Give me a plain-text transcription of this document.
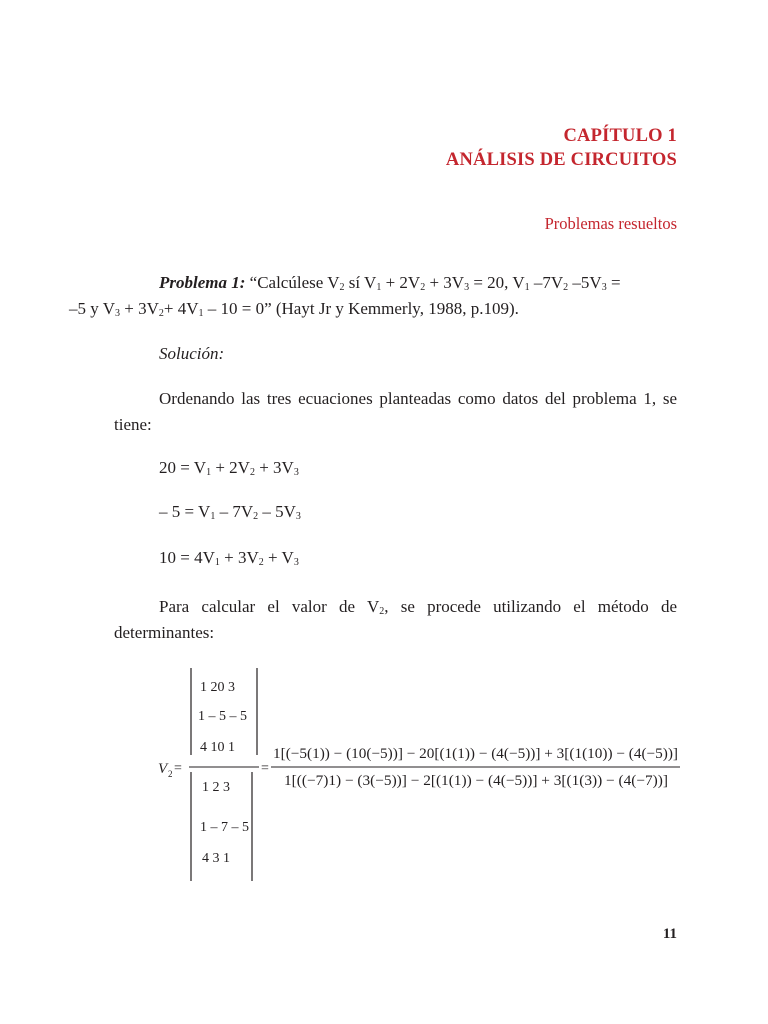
CAPÍTULO 1
ANÁLISIS DE CIRCUITOS
Problemas resueltos
Problema 1: “Calcúlese $V_2$ sí $V_1 + 2V_2 + 3V_3 = 20$, $V_1$ $-7V_2$ $-5V_3$ =
–5 y $V_3 + 3V_2+ 4V_1 - 10 = 0$” (Hayt Jr y Kemmerly, 1988, p.109).
Solución:
Ordenando las tres ecuaciones planteadas como datos del problema 1, se tiene:
$20 = V_1 + 2V_2 + 3V_3$
– $5 = V_1 - 7V_2 - 5V_3$
$10 = 4V_1 + 3V_2 + V_3$
Para calcular el valor de $V_2$, se procede utilizando el método de determinantes:
1 20 3
1 – 5 – 5
4 10 1
1 2 3
1 – 7 – 5
4 3 1
V 2 =	=
1[(−5(1)) − (10(−5))] − 20[(1(1)) − (4(−5))] + 3[(1(10)) − (4(−5))]
1[((−7)1) − (3(−5))] − 2[(1(1)) − (4(−5))] + 3[(1(3)) − (4(−7))]
11
